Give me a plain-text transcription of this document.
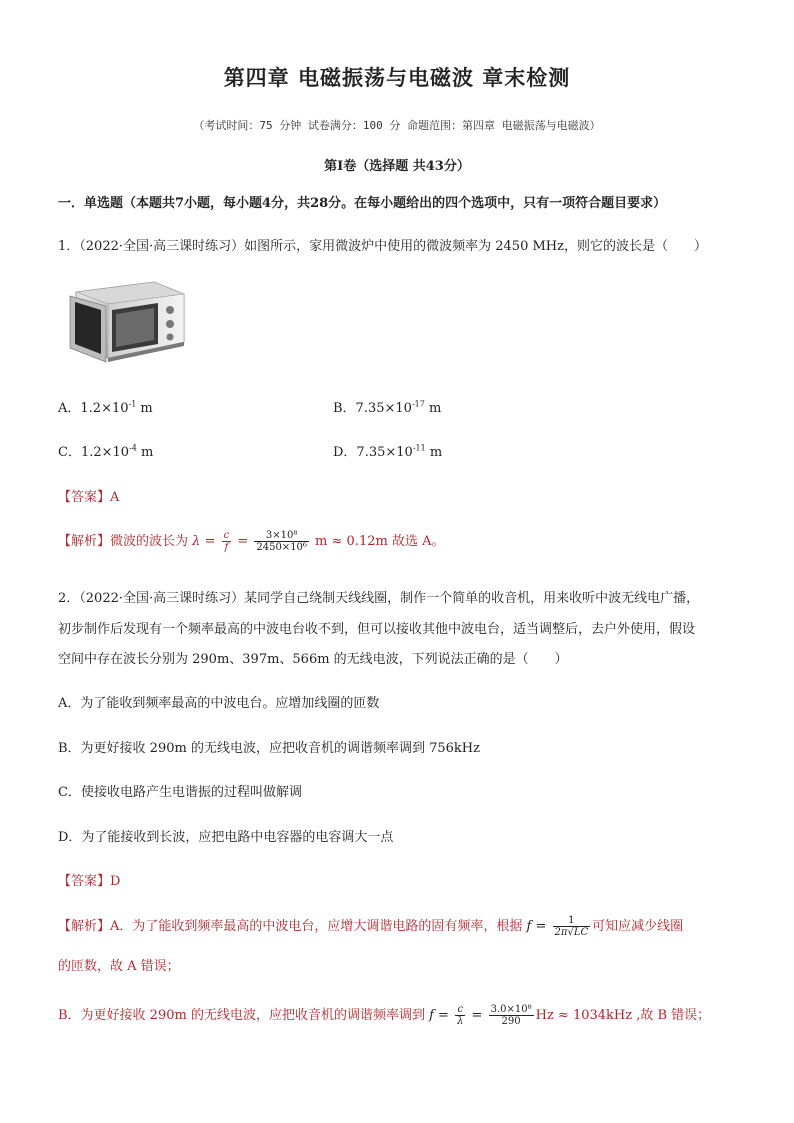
第四章 电磁振荡与电磁波 章末检测
（考试时间：75 分钟 试卷满分：100 分 命题范围：第四章 电磁振荡与电磁波）
第Ⅰ卷（选择题 共43分）
一．单选题（本题共7小题，每小题4分，共28分。在每小题给出的四个选项中，只有一项符合题目要求）
1．（2022·全国·高三课时练习）如图所示，家用微波炉中使用的微波频率为 2450 MHz，则它的波长是（　　）
A．$1.2\times 10^{-1}$ m	B．$7.35\times 10^{-17}$ m
C．$1.2\times 10^{-4}$ m	D．$7.35\times 10^{-11}$ m
【答案】A
【解析】微波的波长为 $\lambda = \frac{c}{f} = \frac{\text{3×10⁸}}{\text{2450×10⁶}}$ m ≈ 0.12m 故选 A。
2．（2022·全国·高三课时练习）某同学自己绕制天线线圈，制作一个简单的收音机，用来收听中波无线电广播，
初步制作后发现有一个频率最高的中波电台收不到，但可以接收其他中波电台，适当调整后，去户外使用，假设
空间中存在波长分别为 290m、397m、566m 的无线电波，下列说法正确的是（　　）
A．为了能收到频率最高的中波电台。应增加线圈的匝数
B．为更好接收 290m 的无线电波，应把收音机的调谐频率调到 756kHz
C．使接收电路产生电谐振的过程叫做解调
D．为了能接收到长波，应把电路中电容器的电容调大一点
【答案】D
【解析】A．为了能收到频率最高的中波电台，应增大调谐电路的固有频率，根据 $f = \frac{1}{2\pi√LC}$ 可知应减少线圈
的匝数，故 A 错误；
B．为更好接收 290m 的无线电波，应把收音机的调谐频率调到 $f = \frac{c}{\lambda} = \frac{\text{3.0×10⁸}}{290}$ Hz ≈ 1034kHz ,故 B 错误；
